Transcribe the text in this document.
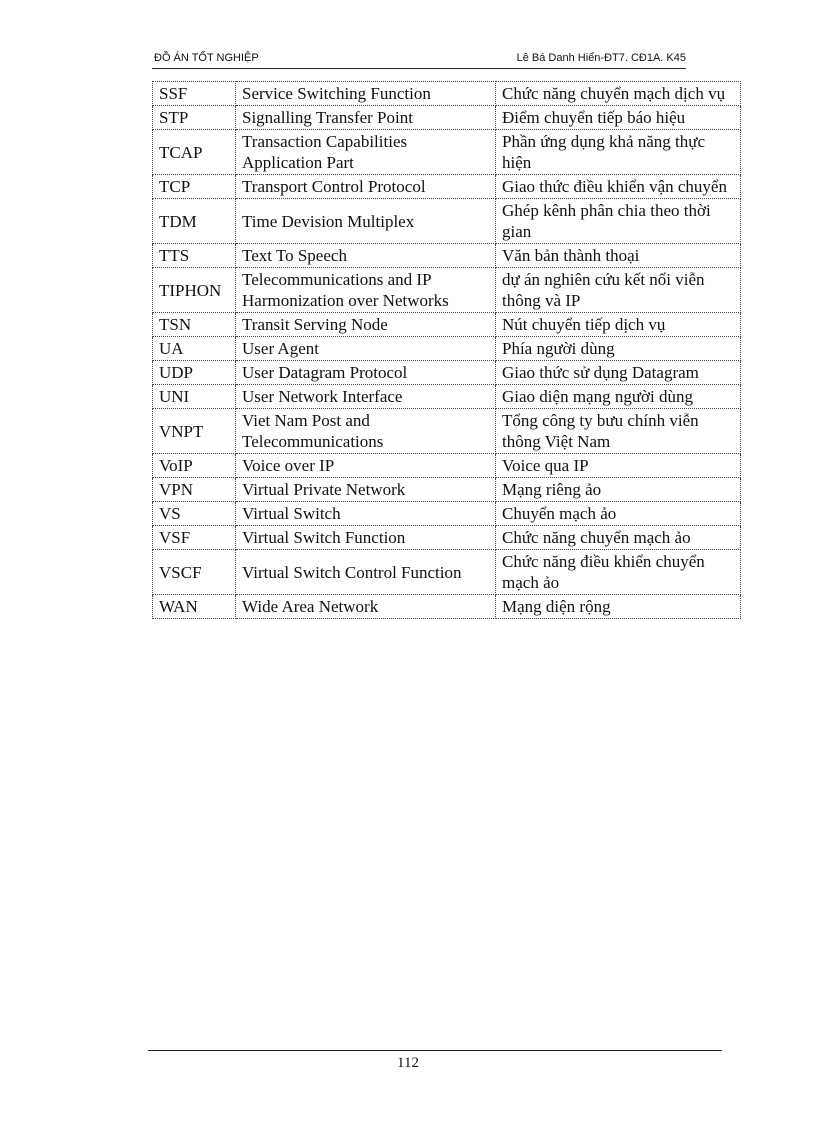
ĐỒ ÁN TỐT NGHIỆP	Lê Bá Danh Hiển-ĐT7. CĐ1A. K45
SSF	Service Switching Function	Chức năng chuyển mạch dịch vụ
STP	Signalling Transfer Point	Điểm chuyển tiếp báo hiệu
TCAP	Transaction Capabilities Application Part	Phần ứng dụng khả năng thực hiện
TCP	Transport Control Protocol	Giao thức điều khiển vận chuyển
TDM	Time Devision Multiplex	Ghép kênh phân chia theo thời gian
TTS	Text To Speech	Văn bản thành thoại
TIPHON	Telecommunications and IP Harmonization over Networks	dự án nghiên cứu kết nối viễn thông và IP
TSN	Transit Serving Node	Nút chuyển tiếp dịch vụ
UA	User Agent	Phía người dùng
UDP	User Datagram Protocol	Giao thức sử dụng Datagram
UNI	User Network Interface	Giao diện mạng người dùng
VNPT	Viet Nam Post and Telecommunications	Tổng công ty bưu chính viễn thông Việt Nam
VoIP	Voice over IP	Voice qua IP
VPN	Virtual Private Network	Mạng riêng ảo
VS	Virtual Switch	Chuyển mạch ảo
VSF	Virtual Switch Function	Chức năng chuyển mạch ảo
VSCF	Virtual Switch Control Function	Chức năng điều khiển chuyển mạch ảo
WAN	Wide Area Network	Mạng diện rộng
112
